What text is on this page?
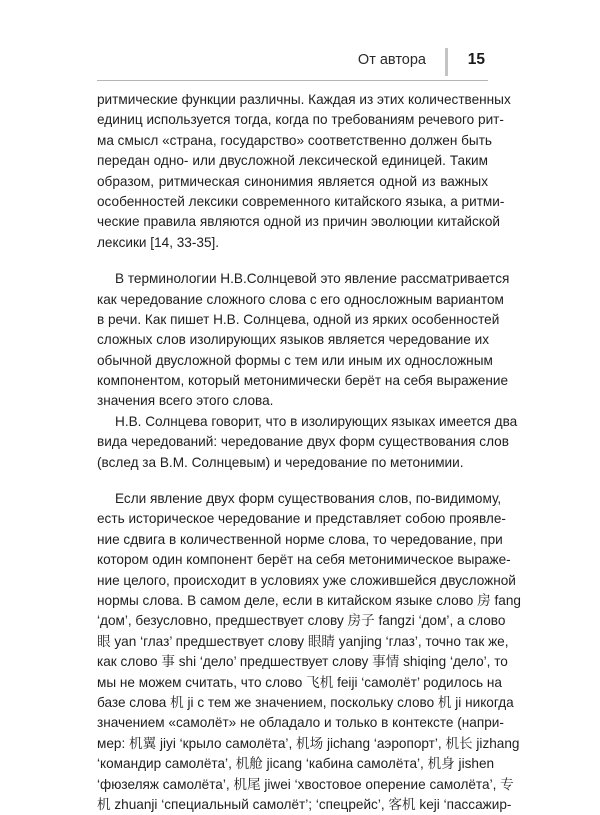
От автора	15
ритмические функции различны. Каждая из этих количественных
единиц используется тогда, когда по требованиям речевого рит-
ма смысл «страна, государство» соответственно должен быть
передан одно- или двусложной лексической единицей. Таким
образом, ритмическая синонимия является одной из важных
особенностей лексики современного китайского языка, а ритми-
ческие правила являются одной из причин эволюции китайской
лексики [14, 33-35].
В терминологии Н.В.Солнцевой это явление рассматривается
как чередование сложного слова с его односложным вариантом
в речи. Как пишет Н.В. Солнцева, одной из ярких особенностей
сложных слов изолирующих языков является чередование их
обычной двусложной формы с тем или иным их односложным
компонентом, который метонимически берёт на себя выражение
значения всего этого слова.
Н.В. Солнцева говорит, что в изолирующих языках имеется два
вида чередований: чередование двух форм существования слов
(вслед за В.М. Солнцевым) и чередование по метонимии.
Если явление двух форм существования слов, по-видимому,
есть историческое чередование и представляет собою проявле-
ние сдвига в количественной норме слова, то чередование, при
котором один компонент берёт на себя метонимическое выраже-
ние целого, происходит в условиях уже сложившейся двусложной
нормы слова. В самом деле, если в китайском языке слово 房 fang
‘дом’, безусловно, предшествует слову 房子 fangzi ‘дом’, а слово
眼 yan ‘глаз’ предшествует слову 眼睛 yanjing ‘глаз’, точно так же,
как слово 事 shi ‘дело’ предшествует слову 事情 shiqing ‘дело’, то
мы не можем считать, что слово 飞机 feiji ‘самолёт’ родилось на
базе слова 机 ji с тем же значением, поскольку слово 机 ji никогда
значением «самолёт» не обладало и только в контексте (напри-
мер: 机翼 jiyi ‘крыло самолёта’, 机场 jichang ‘аэропорт’, 机长 jizhang
‘командир самолёта’, 机舱 jicang ‘кабина самолёта’, 机身 jishen
‘фюзеляж самолёта’, 机尾 jiwei ‘хвостовое оперение самолёта’, 专
机 zhuanji ‘специальный самолёт’; ‘спецрейс’, 客机 keji ‘пассажир-
